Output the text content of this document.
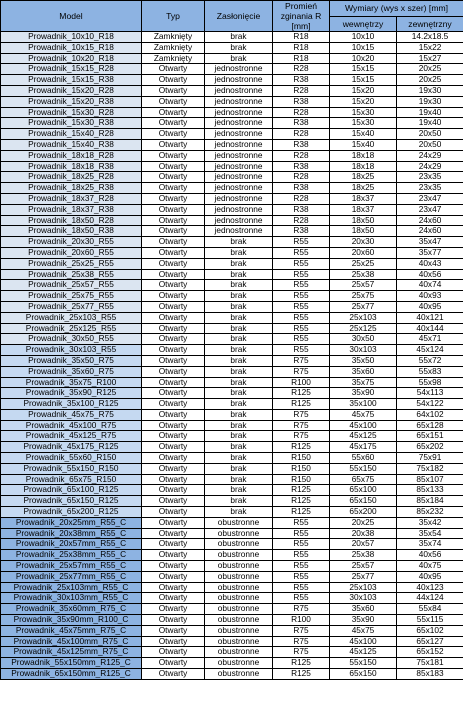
Model	Typ	Zasłonięcie	Promień zginania R [mm]	Wymiary (wys x szer) [mm]	
				wewnętrzy	zewnętrzny
Prowadnik_10x10_R18	Zamknięty	brak	R18	10x10	14.2x18.5
Prowadnik_10x15_R18	Zamknięty	brak	R18	10x15	15x22
Prowadnik_10x20_R18	Zamknięty	brak	R18	10x20	15x27
Prowadnik_15x15_R28	Otwarty	jednostronne	R28	15x15	20x25
Prowadnik_15x15_R38	Otwarty	jednostronne	R38	15x15	20x25
Prowadnik_15x20_R28	Otwarty	jednostronne	R28	15x20	19x30
Prowadnik_15x20_R38	Otwarty	jednostronne	R38	15x20	19x30
Prowadnik_15x30_R28	Otwarty	jednostronne	R28	15x30	19x40
Prowadnik_15x30_R38	Otwarty	jednostronne	R38	15x30	19x40
Prowadnik_15x40_R28	Otwarty	jednostronne	R28	15x40	20x50
Prowadnik_15x40_R38	Otwarty	jednostronne	R38	15x40	20x50
Prowadnik_18x18_R28	Otwarty	jednostronne	R28	18x18	24x29
Prowadnik_18x18_R38	Otwarty	jednostronne	R38	18x18	24x29
Prowadnik_18x25_R28	Otwarty	jednostronne	R28	18x25	23x35
Prowadnik_18x25_R38	Otwarty	jednostronne	R38	18x25	23x35
Prowadnik_18x37_R28	Otwarty	jednostronne	R28	18x37	23x47
Prowadnik_18x37_R38	Otwarty	jednostronne	R38	18x37	23x47
Prowadnik_18x50_R28	Otwarty	jednostronne	R28	18x50	24x60
Prowadnik_18x50_R38	Otwarty	jednostronne	R38	18x50	24x60
Prowadnik_20x30_R55	Otwarty	brak	R55	20x30	35x47
Prowadnik_20x60_R55	Otwarty	brak	R55	20x60	35x77
Prowadnik_25x25_R55	Otwarty	brak	R55	25x25	40x43
Prowadnik_25x38_R55	Otwarty	brak	R55	25x38	40x56
Prowadnik_25x57_R55	Otwarty	brak	R55	25x57	40x74
Prowadnik_25x75_R55	Otwarty	brak	R55	25x75	40x93
Prowadnik_25x77_R55	Otwarty	brak	R55	25x77	40x95
Prowadnik_25x103_R55	Otwarty	brak	R55	25x103	40x121
Prowadnik_25x125_R55	Otwarty	brak	R55	25x125	40x144
Prowadnik_30x50_R55	Otwarty	brak	R55	30x50	45x71
Prowadnik_30x103_R55	Otwarty	brak	R55	30x103	45x124
Prowadnik_35x50_R75	Otwarty	brak	R75	35x50	55x72
Prowadnik_35x60_R75	Otwarty	brak	R75	35x60	55x83
Prowadnik_35x75_R100	Otwarty	brak	R100	35x75	55x98
Prowadnik_35x90_R125	Otwarty	brak	R125	35x90	54x113
Prowadnik_35x100_R125	Otwarty	brak	R125	35x100	54x122
Prowadnik_45x75_R75	Otwarty	brak	R75	45x75	64x102
Prowadnik_45x100_R75	Otwarty	brak	R75	45x100	65x128
Prowadnik_45x125_R75	Otwarty	brak	R75	45x125	65x151
Prowadnik_45x175_R125	Otwarty	brak	R125	45x175	65x202
Prowadnik_55x60_R150	Otwarty	brak	R150	55x60	75x91
Prowadnik_55x150_R150	Otwarty	brak	R150	55x150	75x182
Prowadnik_65x75_R150	Otwarty	brak	R150	65x75	85x107
Prowadnik_65x100_R125	Otwarty	brak	R125	65x100	85x133
Prowadnik_65x150_R125	Otwarty	brak	R125	65x150	85x184
Prowadnik_65x200_R125	Otwarty	brak	R125	65x200	85x232
Prowadnik_20x25mm_R55_C	Otwarty	obustronne	R55	20x25	35x42
Prowadnik_20x38mm_R55_C	Otwarty	obustronne	R55	20x38	35x54
Prowadnik_20x57mm_R55_C	Otwarty	obustronne	R55	20x57	35x74
Prowadnik_25x38mm_R55_C	Otwarty	obustronne	R55	25x38	40x56
Prowadnik_25x57mm_R55_C	Otwarty	obustronne	R55	25x57	40x75
Prowadnik_25x77mm_R55_C	Otwarty	obustronne	R55	25x77	40x95
Prowadnik_25x103mm_R55_C	Otwarty	obustronne	R55	25x103	40x123
Prowadnik_30x103mm_R55_C	Otwarty	obustronne	R55	30x103	44x124
Prowadnik_35x60mm_R75_C	Otwarty	obustronne	R75	35x60	55x84
Prowadnik_35x90mm_R100_C	Otwarty	obustronne	R100	35x90	55x115
Prowadnik_45x75mm_R75_C	Otwarty	obustronne	R75	45x75	65x102
Prowadnik_45x100mm_R75_C	Otwarty	obustronne	R75	45x100	65x127
Prowadnik_45x125mm_R75_C	Otwarty	obustronne	R75	45x125	65x152
Prowadnik_55x150mm_R125_C	Otwarty	obustronne	R125	55x150	75x181
Prowadnik_65x150mm_R125_C	Otwarty	obustronne	R125	65x150	85x183
